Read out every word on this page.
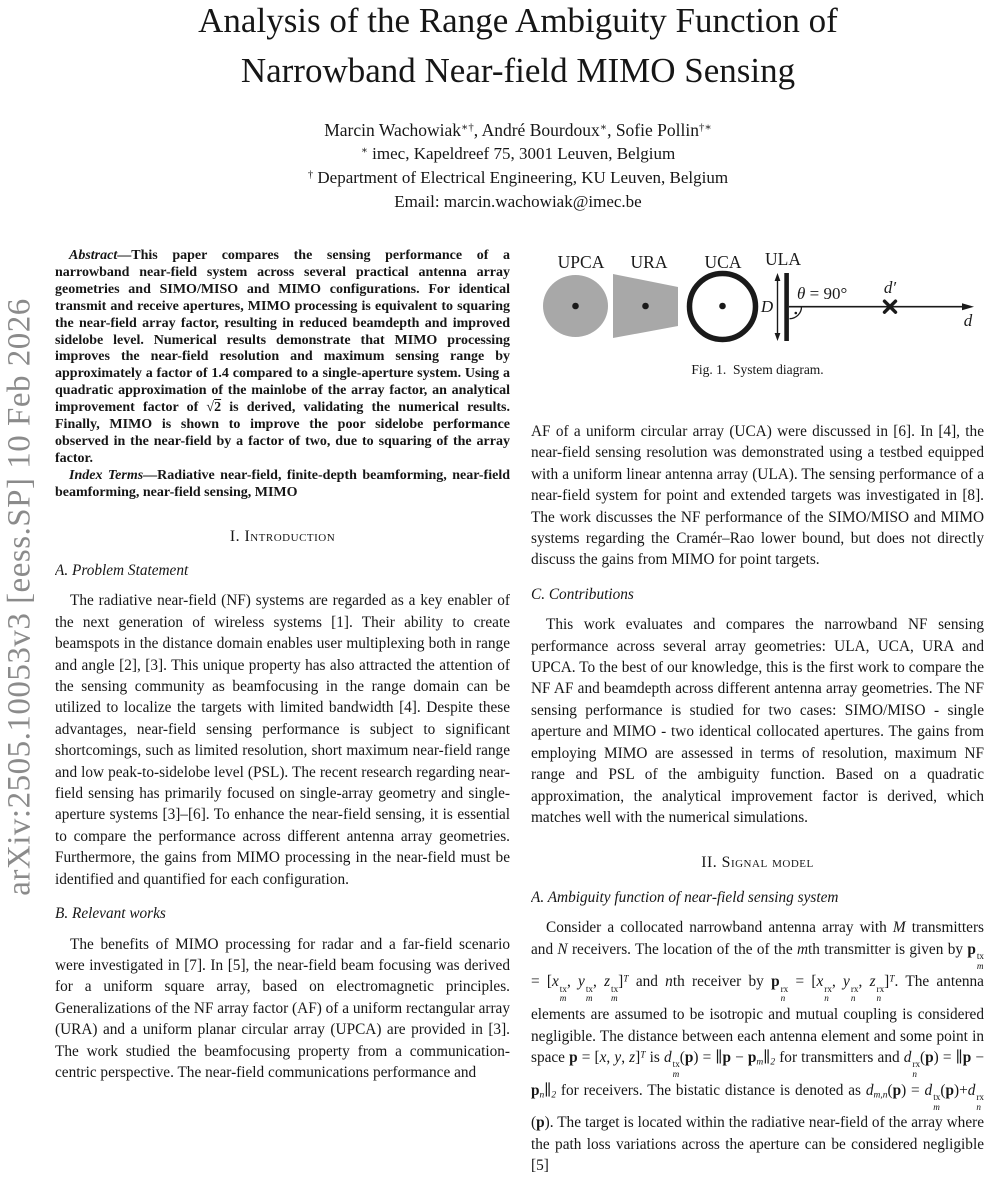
arXiv:2505.10053v3 [eess.SP] 10 Feb 2026
Analysis of the Range Ambiguity Function of
Narrowband Near-field MIMO Sensing
Marcin Wachowiak∗†, André Bourdoux∗, Sofie Pollin†∗
∗ imec, Kapeldreef 75, 3001 Leuven, Belgium
† Department of Electrical Engineering, KU Leuven, Belgium
Email: marcin.wachowiak@imec.be
Abstract—This paper compares the sensing performance of a narrowband near-field system across several practical antenna array geometries and SIMO/MISO and MIMO configurations. For identical transmit and receive apertures, MIMO processing is equivalent to squaring the near-field array factor, resulting in reduced beamdepth and improved sidelobe level. Numerical results demonstrate that MIMO processing improves the near-field resolution and maximum sensing range by approximately a factor of 1.4 compared to a single-aperture system. Using a quadratic approximation of the mainlobe of the array factor, an analytical improvement factor of √2 is derived, validating the numerical results. Finally, MIMO is shown to improve the poor sidelobe performance observed in the near-field by a factor of two, due to squaring of the array factor.
Index Terms—Radiative near-field, finite-depth beamforming, near-field beamforming, near-field sensing, MIMO
I. Introduction
A. Problem Statement
The radiative near-field (NF) systems are regarded as a key enabler of the next generation of wireless systems [1]. Their ability to create beamspots in the distance domain enables user multiplexing both in range and angle [2], [3]. This unique property has also attracted the attention of the sensing community as beamfocusing in the range domain can be utilized to localize the targets with limited bandwidth [4]. Despite these advantages, near-field sensing performance is subject to significant shortcomings, such as limited resolution, short maximum near-field range and low peak-to-sidelobe level (PSL). The recent research regarding near-field sensing has primarily focused on single-array geometry and single-aperture systems [3]–[6]. To enhance the near-field sensing, it is essential to compare the performance across different antenna array geometries. Furthermore, the gains from MIMO processing in the near-field must be identified and quantified for each configuration.
B. Relevant works
The benefits of MIMO processing for radar and a far-field scenario were investigated in [7]. In [5], the near-field beam focusing was derived for a uniform square array, based on electromagnetic principles. Generalizations of the NF array factor (AF) of a uniform rectangular array (URA) and a uniform planar circular array (UPCA) are provided in [3]. The work studied the beamfocusing property from a communication-centric perspective. The near-field communications performance and
UPCA URA UCA ULA
D
θ = 90° d′
d
Fig. 1.  System diagram.
AF of a uniform circular array (UCA) were discussed in [6]. In [4], the near-field sensing resolution was demonstrated using a testbed equipped with a uniform linear antenna array (ULA). The sensing performance of a near-field system for point and extended targets was investigated in [8]. The work discusses the NF performance of the SIMO/MISO and MIMO systems regarding the Cramér–Rao lower bound, but does not directly discuss the gains from MIMO for point targets.
C. Contributions
This work evaluates and compares the narrowband NF sensing performance across several array geometries: ULA, UCA, URA and UPCA. To the best of our knowledge, this is the first work to compare the NF AF and beamdepth across different antenna array geometries. The NF sensing performance is studied for two cases: SIMO/MISO - single aperture and MIMO - two identical collocated apertures. The gains from employing MIMO are assessed in terms of resolution, maximum NF range and PSL of the ambiguity function. Based on a quadratic approximation, the analytical improvement factor is derived, which matches well with the numerical simulations.
II. Signal model
A. Ambiguity function of near-field sensing system
Consider a collocated narrowband antenna array with M transmitters and N receivers. The location of the of the mth transmitter is given by p tx
m
= [x tx
m
, y tx
m
, z tx
m
]$^T$ and nth receiver by p rx
n
= [x rx
n
, y rx
n
, z rx
n
]$^T$. The antenna elements are assumed to be isotropic and mutual coupling is considered negligible. The distance between each antenna element and some point in space p = [x, y, z]$^T$ is d tx
m
(p) = ∥p − $p_m\parallel_2$ for transmitters and d rx
n
(p) = ∥p − $p_n\parallel_2$ for receivers. The bistatic distance is denoted as $d_{m,n}(p) = d$ tx
m
(p)+d rx
n
(p). The target is located within the radiative near-field of the array where the path loss variations across the aperture can be considered negligible [5]
